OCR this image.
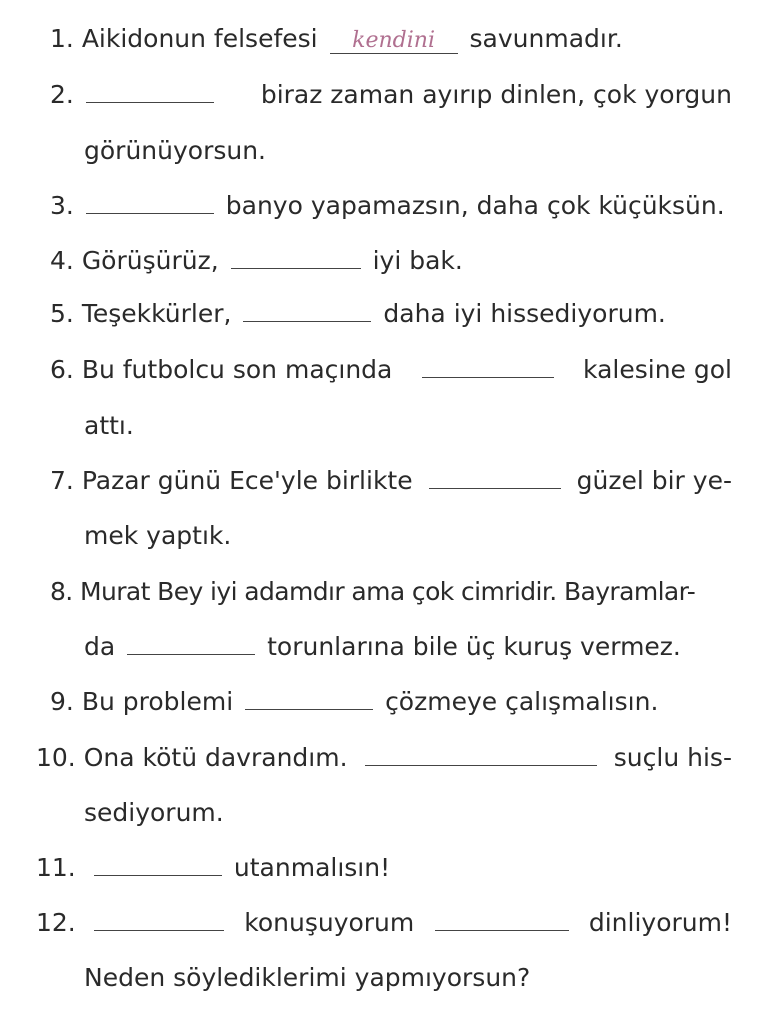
1. Aikidonun felsefesi kendini savunmadır.
2.	biraz zaman ayırıp dinlen, çok yorgun
görünüyorsun.
3.	banyo yapamazsın, daha çok küçüksün.
4. Görüşürüz,	iyi bak.
5. Teşekkürler,	daha iyi hissediyorum.
6. Bu futbolcu son maçında	kalesine gol
attı.
7. Pazar günü Ece'yle birlikte	güzel bir ye-
mek yaptık.
8. Murat Bey iyi adamdır ama çok cimridir. Bayramlar-
da	torunlarına bile üç kuruş vermez.
9. Bu problemi	çözmeye çalışmalısın.
10. Ona kötü davrandım.	suçlu his-
sediyorum.
11.	utanmalısın!
12.	konuşuyorum	dinliyorum!
Neden söylediklerimi yapmıyorsun?
